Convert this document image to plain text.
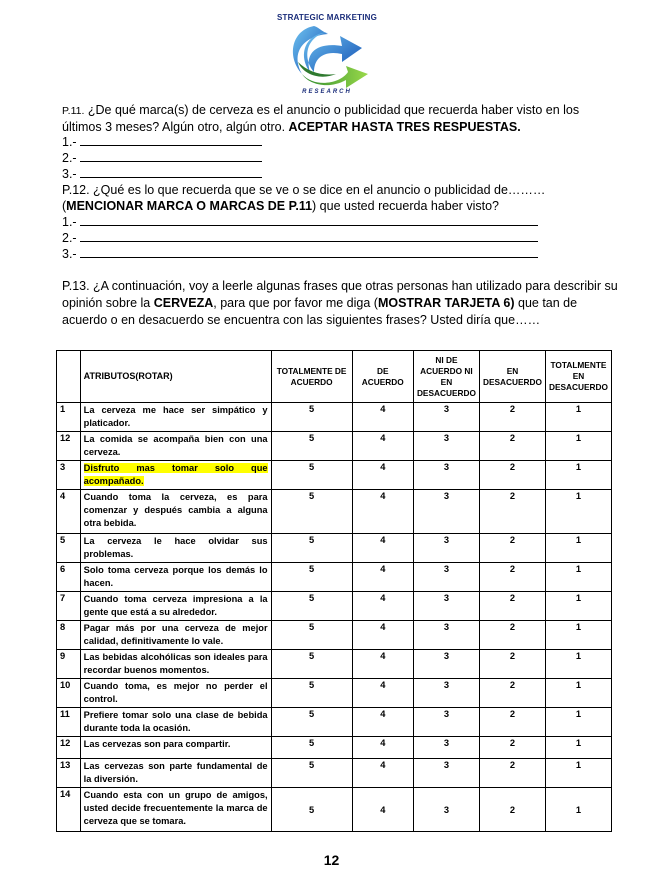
STRATEGIC MARKETING
RESEARCH
P.11. ¿De qué marca(s) de cerveza es el anuncio o publicidad que recuerda haber visto en los últimos 3 meses? Algún otro, algún otro. ACEPTAR HASTA TRES RESPUESTAS.
1.-
2.-
3.-
P.12. ¿Qué es lo que recuerda que se ve o se dice en el anuncio o publicidad de………
(MENCIONAR MARCA O MARCAS DE P.11) que usted recuerda haber visto?
1.-
2.-
3.-
P.13. ¿A continuación, voy a leerle algunas frases que otras personas han utilizado para describir su opinión sobre la CERVEZA, para que por favor me diga (MOSTRAR TARJETA 6) que tan de acuerdo o en desacuerdo se encuentra con las siguientes frases? Usted diría que……
	ATRIBUTOS(ROTAR)	TOTALMENTE DE ACUERDO	DE ACUERDO	NI DE ACUERDO NI EN DESACUERDO	EN DESACUERDO	TOTALMENTE EN DESACUERDO
1	La cerveza me hace ser simpático y platicador.	5	4	3	2	1
12	La comida se acompaña bien con una cerveza.	5	4	3	2	1
3	Disfruto mas tomar solo que acompañado.	5	4	3	2	1
4	Cuando toma la cerveza, es para comenzar y después cambia a alguna otra bebida.	5	4	3	2	1
5	La cerveza le hace olvidar sus problemas.	5	4	3	2	1
6	Solo toma cerveza porque los demás lo hacen.	5	4	3	2	1
7	Cuando toma cerveza impresiona a la gente que está a su alrededor.	5	4	3	2	1
8	Pagar más por una cerveza de mejor calidad, definitivamente lo vale.	5	4	3	2	1
9	Las bebidas alcohólicas son ideales para recordar buenos momentos.	5	4	3	2	1
10	Cuando toma, es mejor no perder el control.	5	4	3	2	1
11	Prefiere tomar solo una clase de bebida durante toda la ocasión.	5	4	3	2	1
12	Las cervezas son para compartir.	5	4	3	2	1
13	Las cervezas son parte fundamental de la diversión.	5	4	3	2	1
14	Cuando esta con un grupo de amigos, usted decide frecuentemente la marca de cerveza que se tomara.	5	4	3	2	1
12
